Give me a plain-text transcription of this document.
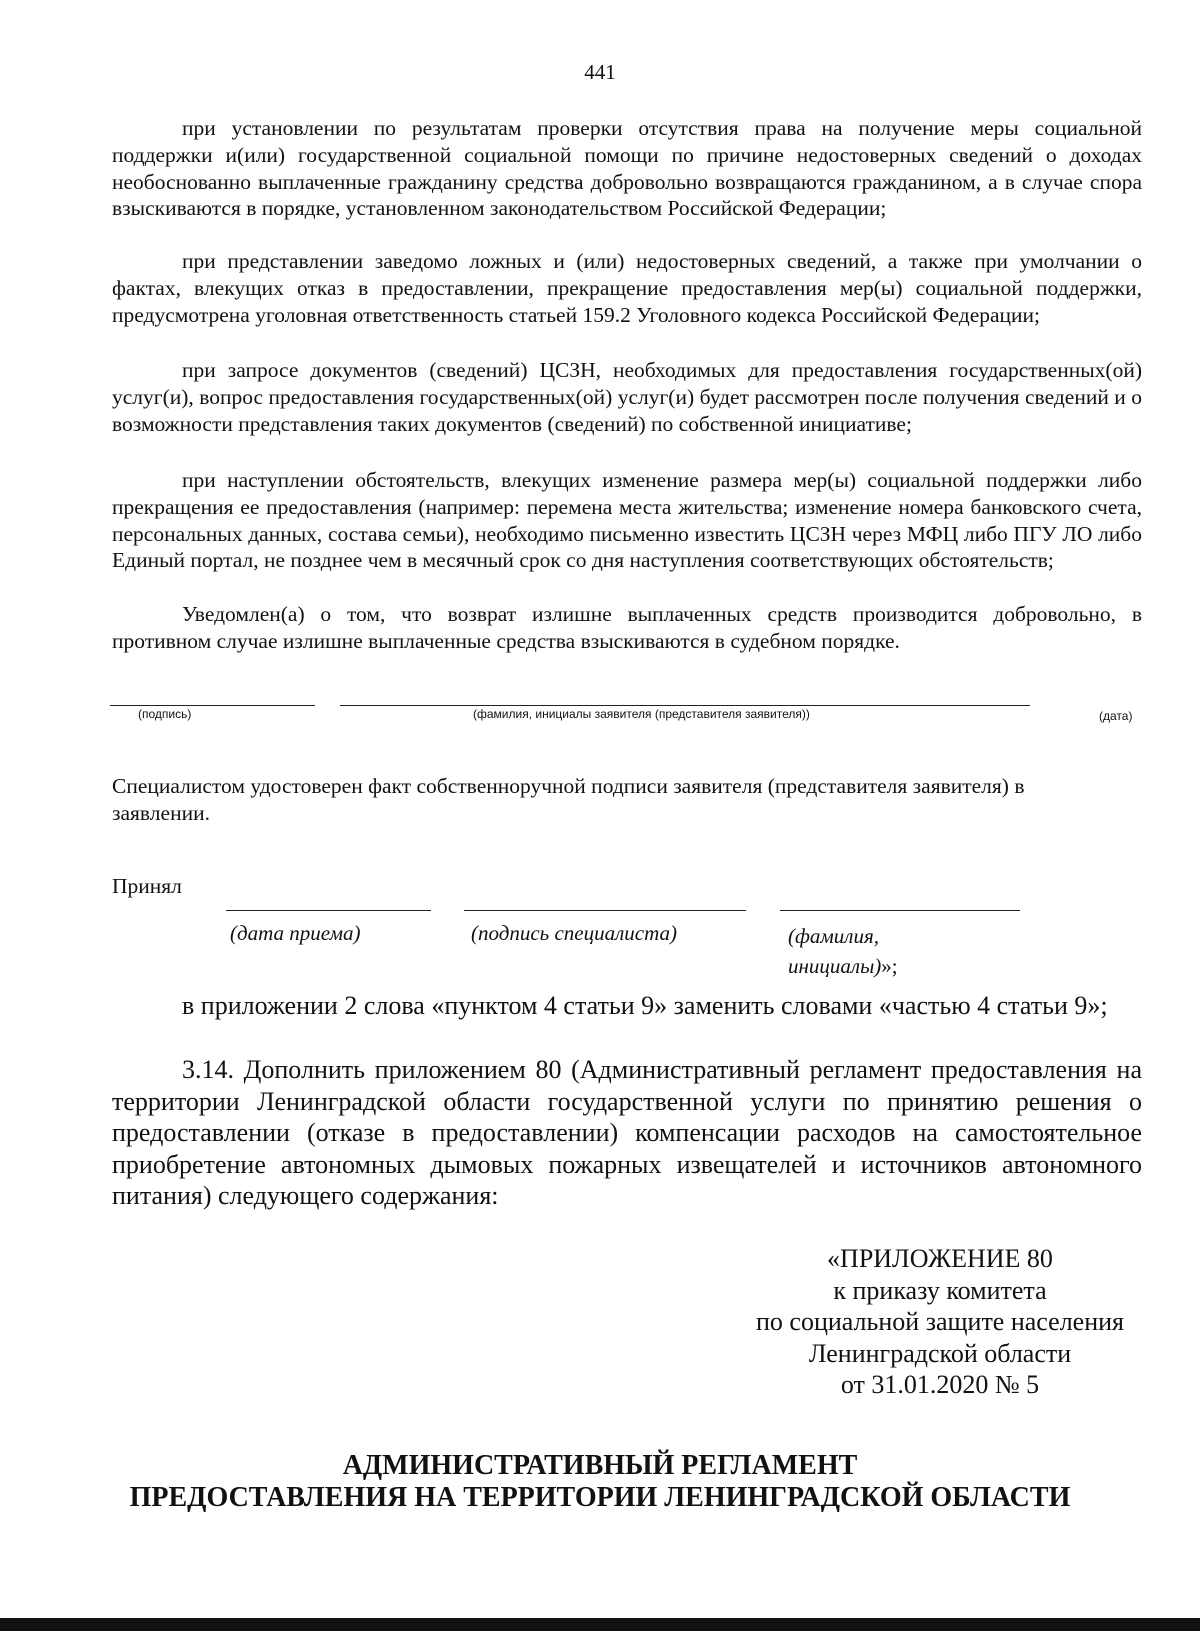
441
при установлении по результатам проверки отсутствия права на получение меры социальной поддержки и(или) государственной социальной помощи по причине недостоверных сведений о доходах необоснованно выплаченные гражданину средства добровольно возвращаются гражданином, а в случае спора взыскиваются в порядке, установленном законодательством Российской Федерации;
при представлении заведомо ложных и (или) недостоверных сведений, а также при умолчании о фактах, влекущих отказ в предоставлении, прекращение предоставления мер(ы) социальной поддержки, предусмотрена уголовная ответственность статьей 159.2 Уголовного кодекса Российской Федерации;
при запросе документов (сведений) ЦСЗН, необходимых для предоставления государственных(ой) услуг(и), вопрос предоставления государственных(ой) услуг(и) будет рассмотрен после получения сведений и о возможности представления таких документов (сведений) по собственной инициативе;
при наступлении обстоятельств, влекущих изменение размера мер(ы) социальной поддержки либо прекращения ее предоставления (например: перемена места жительства; изменение номера банковского счета, персональных данных, состава семьи), необходимо письменно известить ЦСЗН через МФЦ либо ПГУ ЛО либо Единый портал, не позднее чем в месячный срок со дня наступления соответствующих обстоятельств;
Уведомлен(а) о том, что возврат излишне выплаченных средств производится добровольно, в противном случае излишне выплаченные средства взыскиваются в судебном порядке.
(подпись)	(фамилия, инициалы заявителя (представителя заявителя))	(дата)
Специалистом удостоверен факт собственноручной подписи заявителя (представителя заявителя) в заявлении.
Принял
(дата приема)	(подпись специалиста)	(фамилия,
инициалы)»;
в приложении 2 слова «пунктом 4 статьи 9» заменить словами «частью 4 статьи 9»;
3.14. Дополнить приложением 80 (Административный регламент предоставления на территории Ленинградской области государственной услуги по принятию решения о предоставлении (отказе в предоставлении) компенсации расходов на самостоятельное приобретение автономных дымовых пожарных извещателей и источников автономного питания) следующего содержания:
«ПРИЛОЖЕНИЕ 80
к приказу комитета
по социальной защите населения
Ленинградской области
от 31.01.2020 № 5
АДМИНИСТРАТИВНЫЙ РЕГЛАМЕНТ
ПРЕДОСТАВЛЕНИЯ НА ТЕРРИТОРИИ ЛЕНИНГРАДСКОЙ ОБЛАСТИ
